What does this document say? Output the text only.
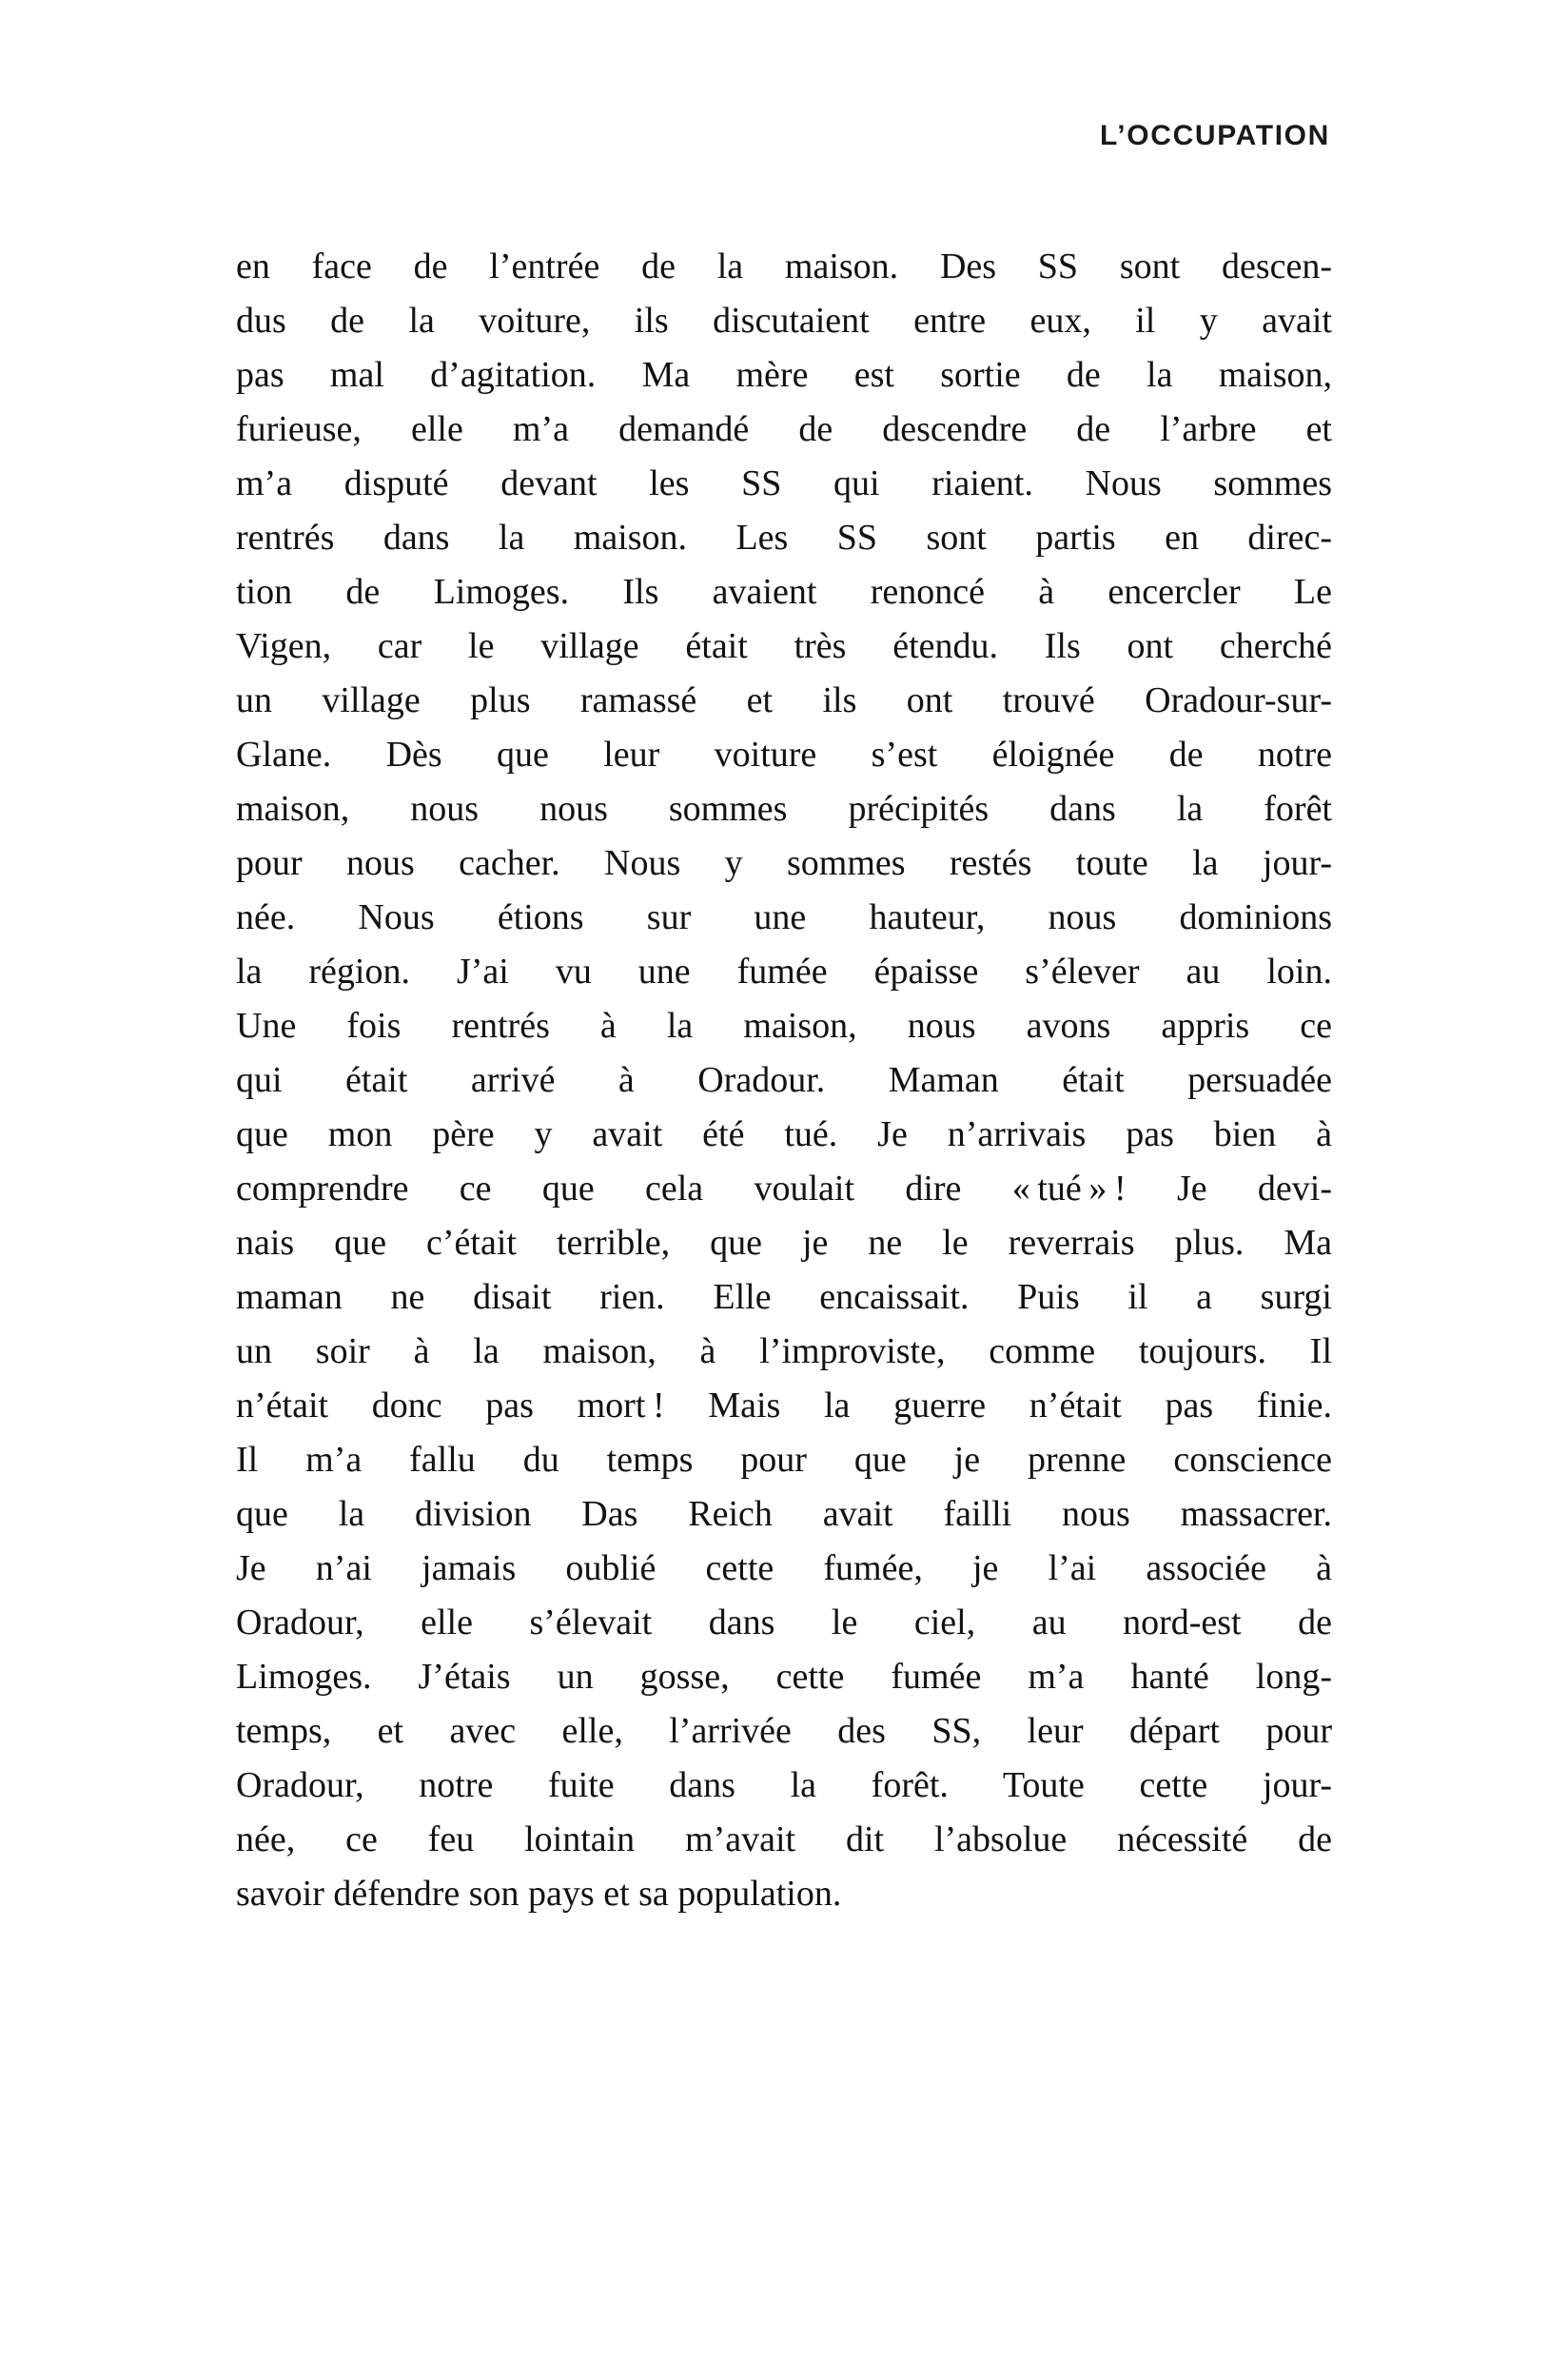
L’OCCUPATION

en face de l’entrée de la maison. Des SS sont descen-
dus de la voiture, ils discutaient entre eux, il y avait
pas mal d’agitation. Ma mère est sortie de la maison,
furieuse, elle m’a demandé de descendre de l’arbre et
m’a disputé devant les SS qui riaient. Nous sommes
rentrés dans la maison. Les SS sont partis en direc-
tion de Limoges. Ils avaient renoncé à encercler Le
Vigen, car le village était très étendu. Ils ont cherché
un village plus ramassé et ils ont trouvé Oradour-sur-
Glane. Dès que leur voiture s’est éloignée de notre
maison, nous nous sommes précipités dans la forêt
pour nous cacher. Nous y sommes restés toute la jour-
née. Nous étions sur une hauteur, nous dominions
la région. J’ai vu une fumée épaisse s’élever au loin.
Une fois rentrés à la maison, nous avons appris ce
qui était arrivé à Oradour. Maman était persuadée
que mon père y avait été tué. Je n’arrivais pas bien à
comprendre ce que cela voulait dire « tué » ! Je devi-
nais que c’était terrible, que je ne le reverrais plus. Ma
maman ne disait rien. Elle encaissait. Puis il a surgi
un soir à la maison, à l’improviste, comme toujours. Il
n’était donc pas mort ! Mais la guerre n’était pas finie.
Il m’a fallu du temps pour que je prenne conscience
que la division Das Reich avait failli nous massacrer.
Je n’ai jamais oublié cette fumée, je l’ai associée à
Oradour, elle s’élevait dans le ciel, au nord-est de
Limoges. J’étais un gosse, cette fumée m’a hanté long-
temps, et avec elle, l’arrivée des SS, leur départ pour
Oradour, notre fuite dans la forêt. Toute cette jour-
née, ce feu lointain m’avait dit l’absolue nécessité de
savoir défendre son pays et sa population.
